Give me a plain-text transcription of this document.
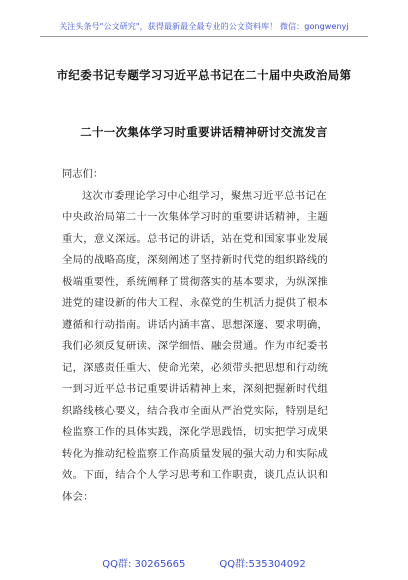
关注头条号"公文研究"，获得最新最全最专业的公文资料库！ 微信：gongwenyj
市纪委书记专题学习习近平总书记在二十届中央政治局第
二十一次集体学习时重要讲话精神研讨交流发言
同志们：
这次市委理论学习中心组学习，聚焦习近平总书记在
中央政治局第二十一次集体学习时的重要讲话精神，主题
重大，意义深远。总书记的讲话，站在党和国家事业发展
全局的战略高度，深刻阐述了坚持新时代党的组织路线的
极端重要性，系统阐释了贯彻落实的基本要求，为纵深推
进党的建设新的伟大工程、永葆党的生机活力提供了根本
遵循和行动指南。讲话内涵丰富、思想深邃、要求明确，
我们必须反复研读、深学细悟、融会贯通。作为市纪委书
记，深感责任重大、使命光荣，必须带头把思想和行动统
一到习近平总书记重要讲话精神上来，深刻把握新时代组
织路线核心要义，结合我市全面从严治党实际，特别是纪
检监察工作的具体实践，深化学思践悟，切实把学习成果
转化为推动纪检监察工作高质量发展的强大动力和实际成
效。下面，结合个人学习思考和工作职责，谈几点认识和
体会：
QQ群: 30265665	QQ群:535304092
